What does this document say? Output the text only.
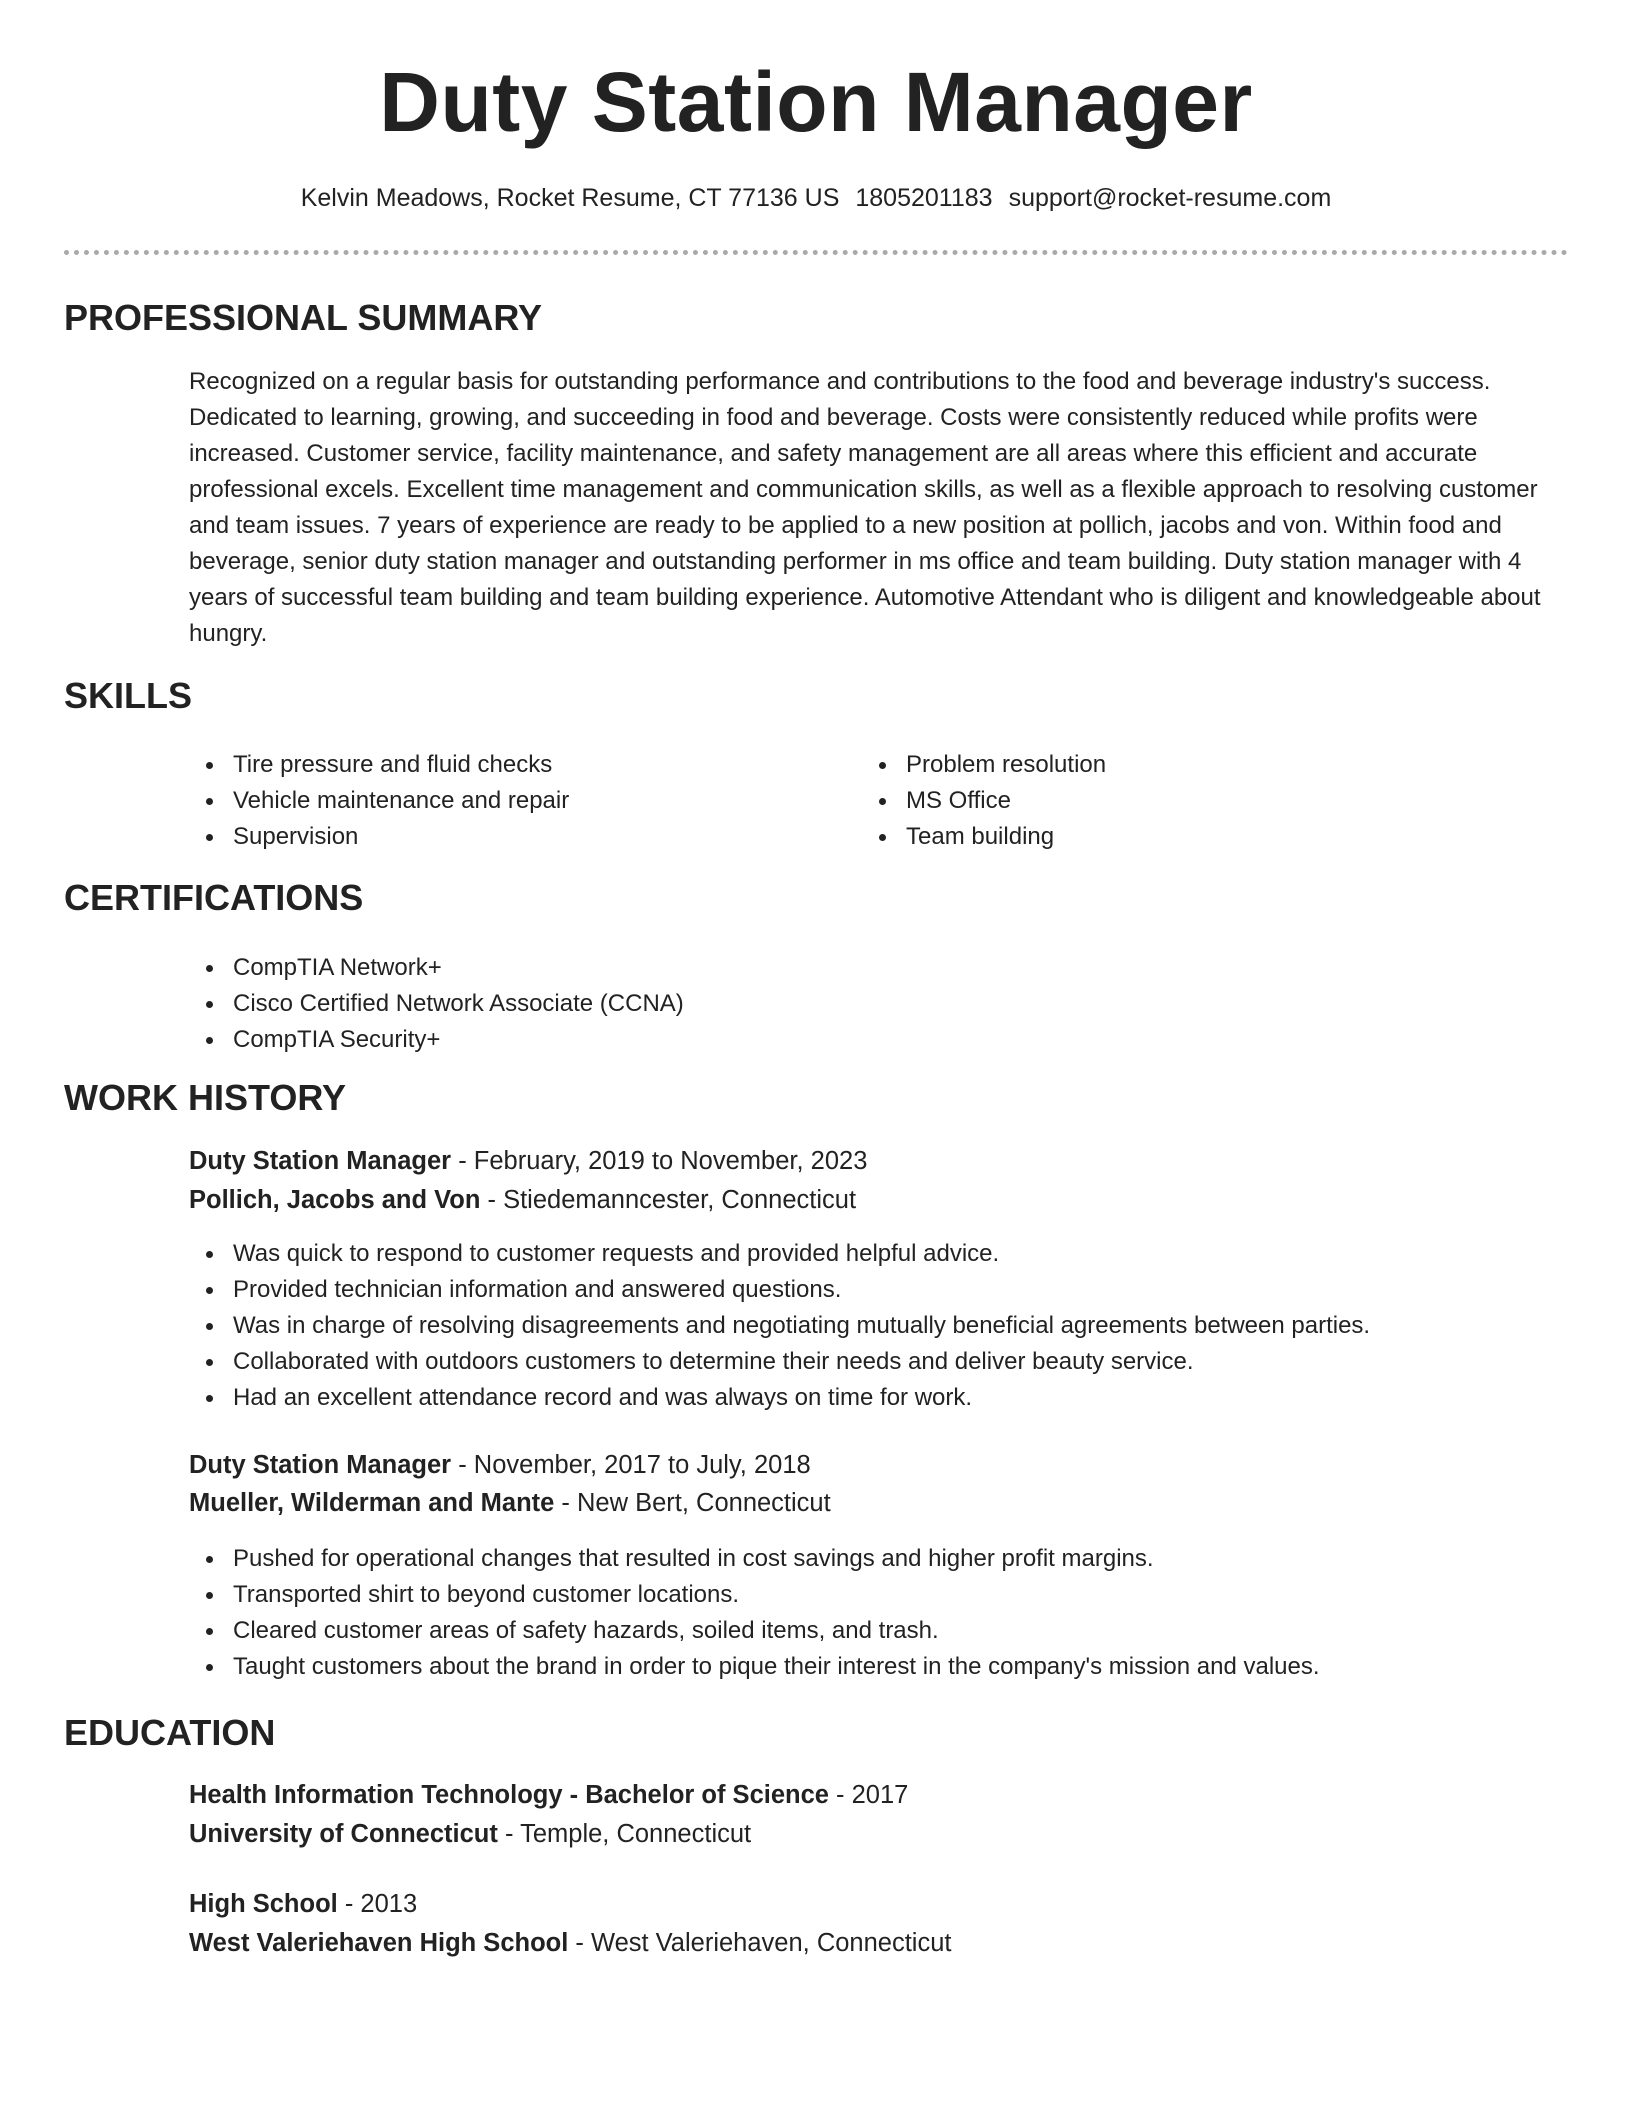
Duty Station Manager
Kelvin Meadows, Rocket Resume, CT 77136 US 1805201183 support@rocket-resume.com
PROFESSIONAL SUMMARY
Recognized on a regular basis for outstanding performance and contributions to the food and beverage industry's success. Dedicated to learning, growing, and succeeding in food and beverage. Costs were consistently reduced while profits were increased. Customer service, facility maintenance, and safety management are all areas where this efficient and accurate professional excels. Excellent time management and communication skills, as well as a flexible approach to resolving customer and team issues. 7 years of experience are ready to be applied to a new position at pollich, jacobs and von. Within food and beverage, senior duty station manager and outstanding performer in ms office and team building. Duty station manager with 4 years of successful team building and team building experience. Automotive Attendant who is diligent and knowledgeable about hungry.
SKILLS
Tire pressure and fluid checks
Vehicle maintenance and repair
Supervision
Problem resolution
MS Office
Team building
CERTIFICATIONS
CompTIA Network+
Cisco Certified Network Associate (CCNA)
CompTIA Security+
WORK HISTORY
Duty Station Manager - February, 2019 to November, 2023
Pollich, Jacobs and Von - Stiedemanncester, Connecticut
Was quick to respond to customer requests and provided helpful advice.
Provided technician information and answered questions.
Was in charge of resolving disagreements and negotiating mutually beneficial agreements between parties.
Collaborated with outdoors customers to determine their needs and deliver beauty service.
Had an excellent attendance record and was always on time for work.
Duty Station Manager - November, 2017 to July, 2018
Mueller, Wilderman and Mante - New Bert, Connecticut
Pushed for operational changes that resulted in cost savings and higher profit margins.
Transported shirt to beyond customer locations.
Cleared customer areas of safety hazards, soiled items, and trash.
Taught customers about the brand in order to pique their interest in the company's mission and values.
EDUCATION
Health Information Technology - Bachelor of Science - 2017
University of Connecticut - Temple, Connecticut
High School - 2013
West Valeriehaven High School - West Valeriehaven, Connecticut
